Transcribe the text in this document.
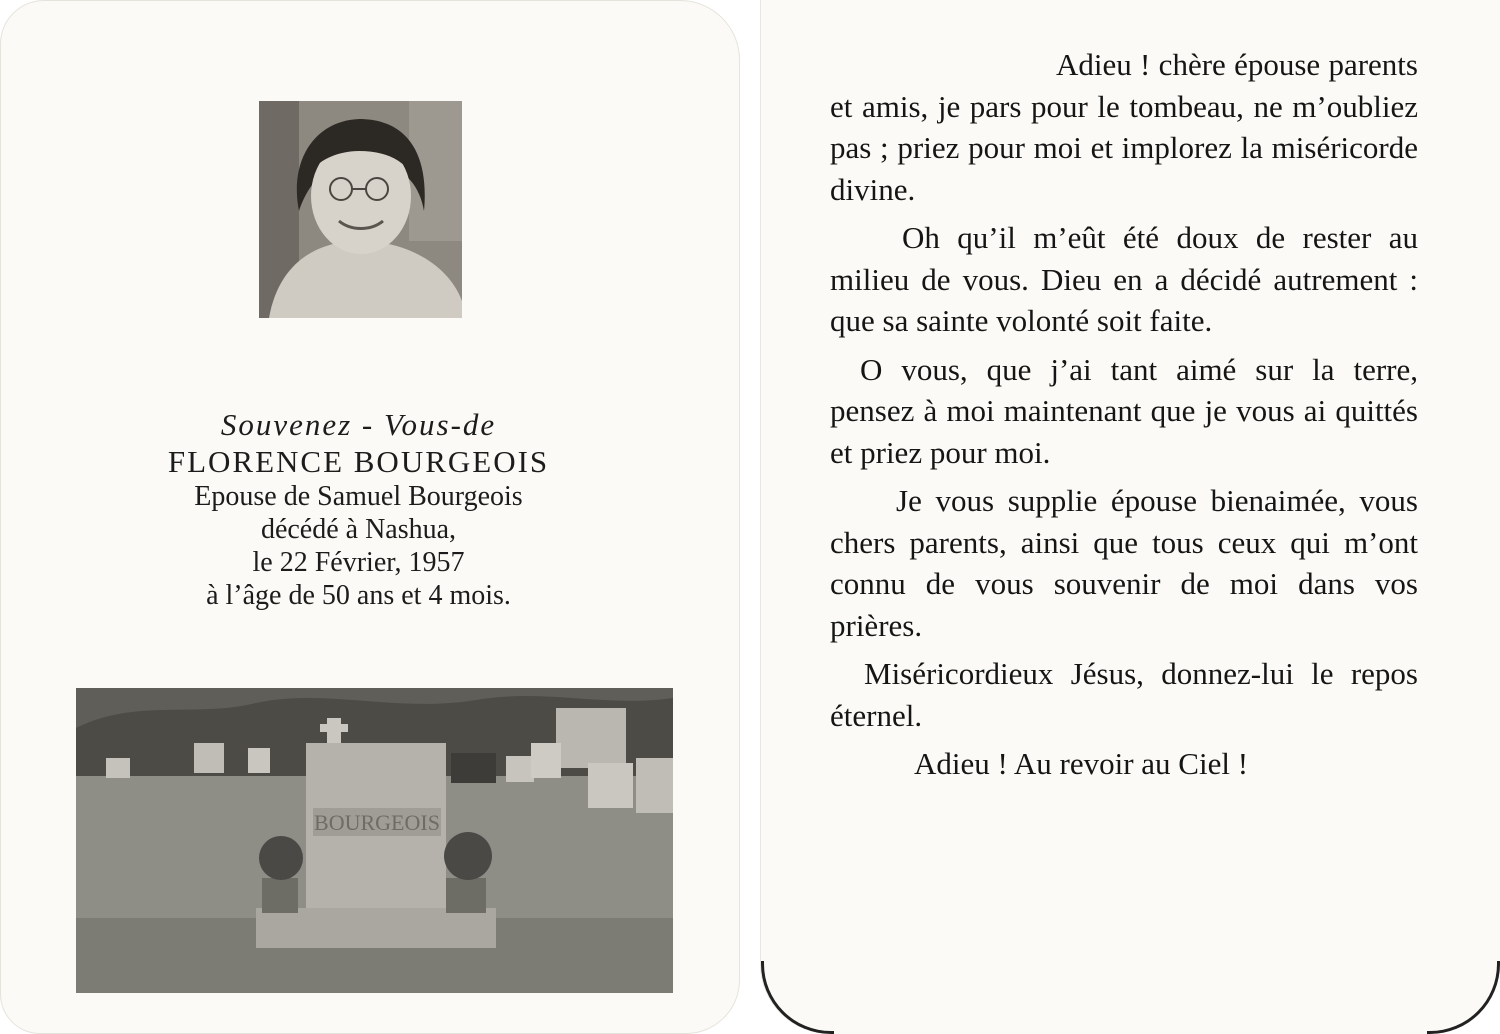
Souvenez - Vous-de
FLORENCE BOURGEOIS
Epouse de Samuel Bourgeois
décédé à Nashua,
le 22 Février, 1957
à l’âge de 50 ans et 4 mois.
BOURGEOIS

Adieu ! chère épouse parents et amis, je pars pour le tombeau, ne m’oubliez pas ; priez pour moi et implorez la miséricorde divine.

Oh qu’il m’eût été doux de rester au milieu de vous. Dieu en a décidé autrement : que sa sainte volonté soit faite.

O vous, que j’ai tant aimé sur la terre, pensez à moi maintenant que je vous ai quittés et priez pour moi.

Je vous supplie épouse bienaimée, vous chers parents, ainsi que tous ceux qui m’ont connu de vous souvenir de moi dans vos prières.

Miséricordieux Jésus, donnez-lui le repos éternel.

Adieu ! Au revoir au Ciel !
